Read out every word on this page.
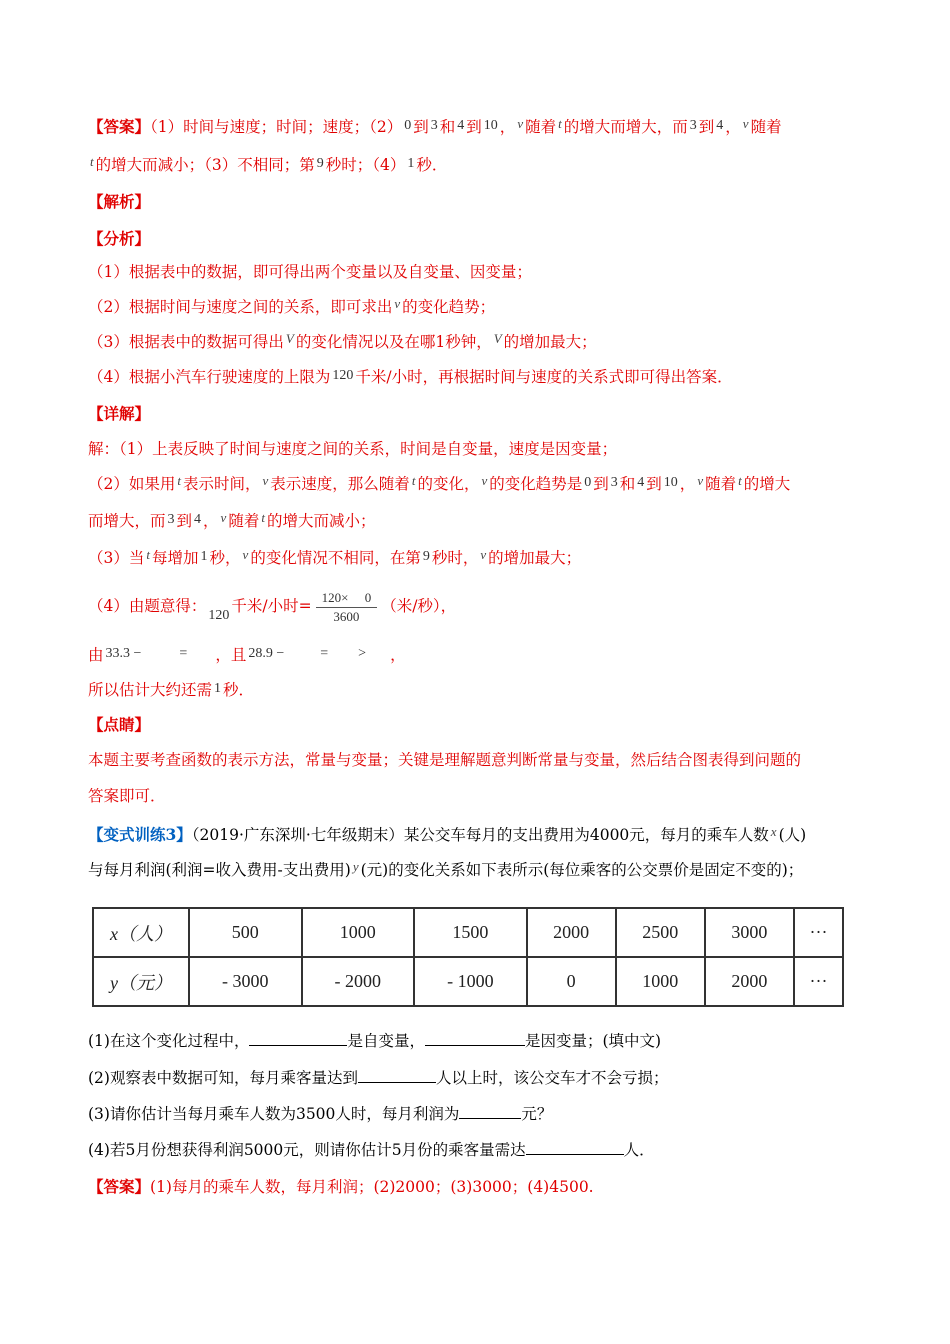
【答案】（1）时间与速度；时间；速度；（2） 0 到 3 和 4 到 10 ， $^v$ 随着 $^t$ 的增大而增大，而 3 到 4 ， $^v$ 随着
$^t$ 的增大而减小；（3）不相同；第 9 秒时；（4） 1 秒．
【解析】
【分析】
（1）根据表中的数据，即可得出两个变量以及自变量、因变量；
（2）根据时间与速度之间的关系，即可求出 $^v$ 的变化趋势；
（3）根据表中的数据可得出 $^V$ 的变化情况以及在哪1秒钟， $^V$ 的增加最大；
（4）根据小汽车行驶速度的上限为 120 千米/小时，再根据时间与速度的关系式即可得出答案．
【详解】
解：（1）上表反映了时间与速度之间的关系，时间是自变量，速度是因变量；
（2）如果用 $^t$ 表示时间， $^v$ 表示速度，那么随着 $^t$ 的变化， $^v$ 的变化趋势是 0 到 3 和 4 到 10 ， $^v$ 随着 $^t$ 的增大
而增大，而 3 到 4 ， $^v$ 随着 $^t$ 的增大而减小；
（3）当 $^t$ 每增加 1 秒， $^v$ 的变化情况不相同，在第 9 秒时， $^v$ 的增加最大；
（4）由题意得：120千米/小时= $\frac{120\times 0}{3600}$ （米/秒），
由 33.3 −	= ，且 28.9 −	= > ，
所以估计大约还需 1 秒．
【点睛】
本题主要考查函数的表示方法，常量与变量；关键是理解题意判断常量与变量，然后结合图表得到问题的
答案即可．
【变式训练3】（2019·广东深圳·七年级期末）某公交车每月的支出费用为4000元，每月的乘车人数 $^x$ (人)
与每月利润(利润=收入费用-支出费用) $^y$ (元)的变化关系如下表所示(每位乘客的公交票价是固定不变的)；
x（人）	500	1000	1500	2000	2500	3000	···
y（元）	- 3000	- 2000	- 1000	0	1000	2000	···
(1)在这个变化过程中，	是自变量，	是因变量；(填中文)
(2)观察表中数据可知，每月乘客量达到	人以上时，该公交车才不会亏损；
(3)请你估计当每月乘车人数为3500人时，每月利润为	元？
(4)若5月份想获得利润5000元，则请你估计5月份的乘客量需达	人．
【答案】(1)每月的乘车人数，每月利润；(2)2000；(3)3000；(4)4500.
